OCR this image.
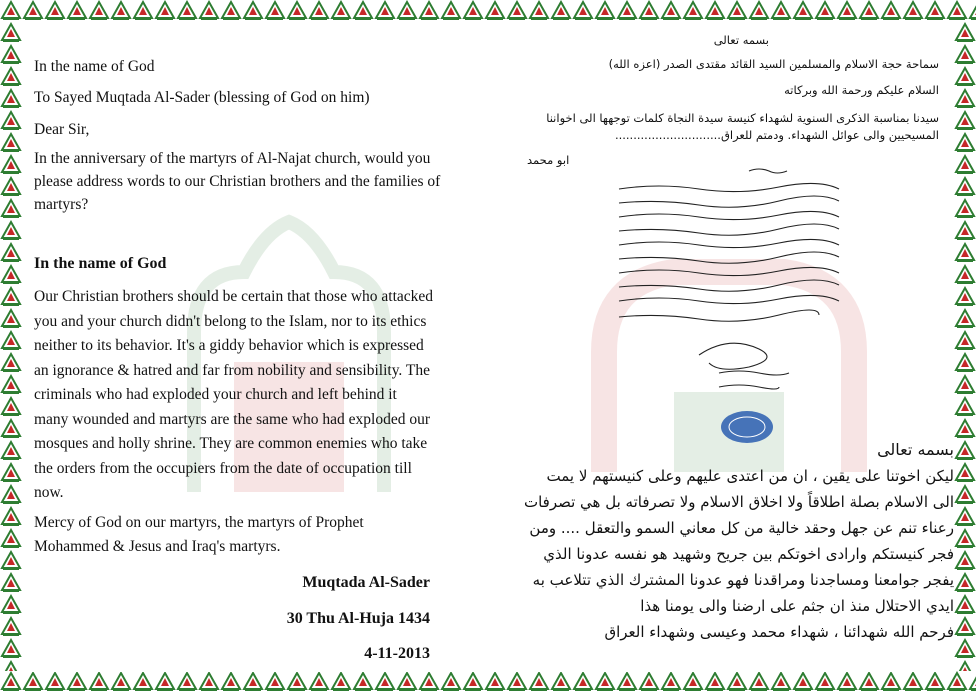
In the name of God

To Sayed Muqtada Al-Sader (blessing of God on him)

Dear Sir,

In the anniversary of the martyrs of Al-Najat church, would you please address words to our Christian brothers and the families of martyrs?

In the name of God

Our Christian brothers should be certain that those who attacked you and your church didn't belong to the Islam, nor to its ethics neither to its behavior. It's a giddy behavior which is expressed an ignorance & hatred and far from nobility and sensibility. The criminals who had exploded your church and left behind it many wounded and martyrs are the same who had exploded our mosques and holly shrine. They are common enemies who take the orders from the occupiers from the date of occupation till now.

Mercy of God on our martyrs, the martyrs of Prophet Mohammed & Jesus and Iraq's martyrs.

Muqtada Al-Sader
30 Thu Al-Huja 1434
4-11-2013
بسمه تعالى
سماحة حجة الاسلام والمسلمين السيد القائد مقتدى الصدر (اعزه الله)
السلام عليكم ورحمة الله وبركاته
سيدنا بمناسبة الذكرى السنوية لشهداء كنيسة سيدة النجاة كلمات توجهها الى اخواننا المسيحيين والى عوائل الشهداء. ودمتم للعراق.............................
ابو محمد
بسمه تعالى
ليكن اخوتنا على يقين ، ان من اعتدى عليهم وعلى كنيستهم لا يمت الى الاسلام بصلة اطلاقاً ولا اخلاق الاسلام ولا تصرفاته بل هي تصرفات رعناء تنم عن جهل وحقد خالية من كل معاني السمو والتعقل .... ومن فجر كنيستكم وارادى اخوتكم بين جريح وشهيد هو نفسه عدونا الذي يفجر جوامعنا ومساجدنا ومراقدنا فهو عدونا المشترك الذي تتلاعب به ايدي الاحتلال منذ ان جثم على ارضنا والى يومنا هذا
فرحم الله شهدائنا ، شهداء محمد وعيسى وشهداء العراق
